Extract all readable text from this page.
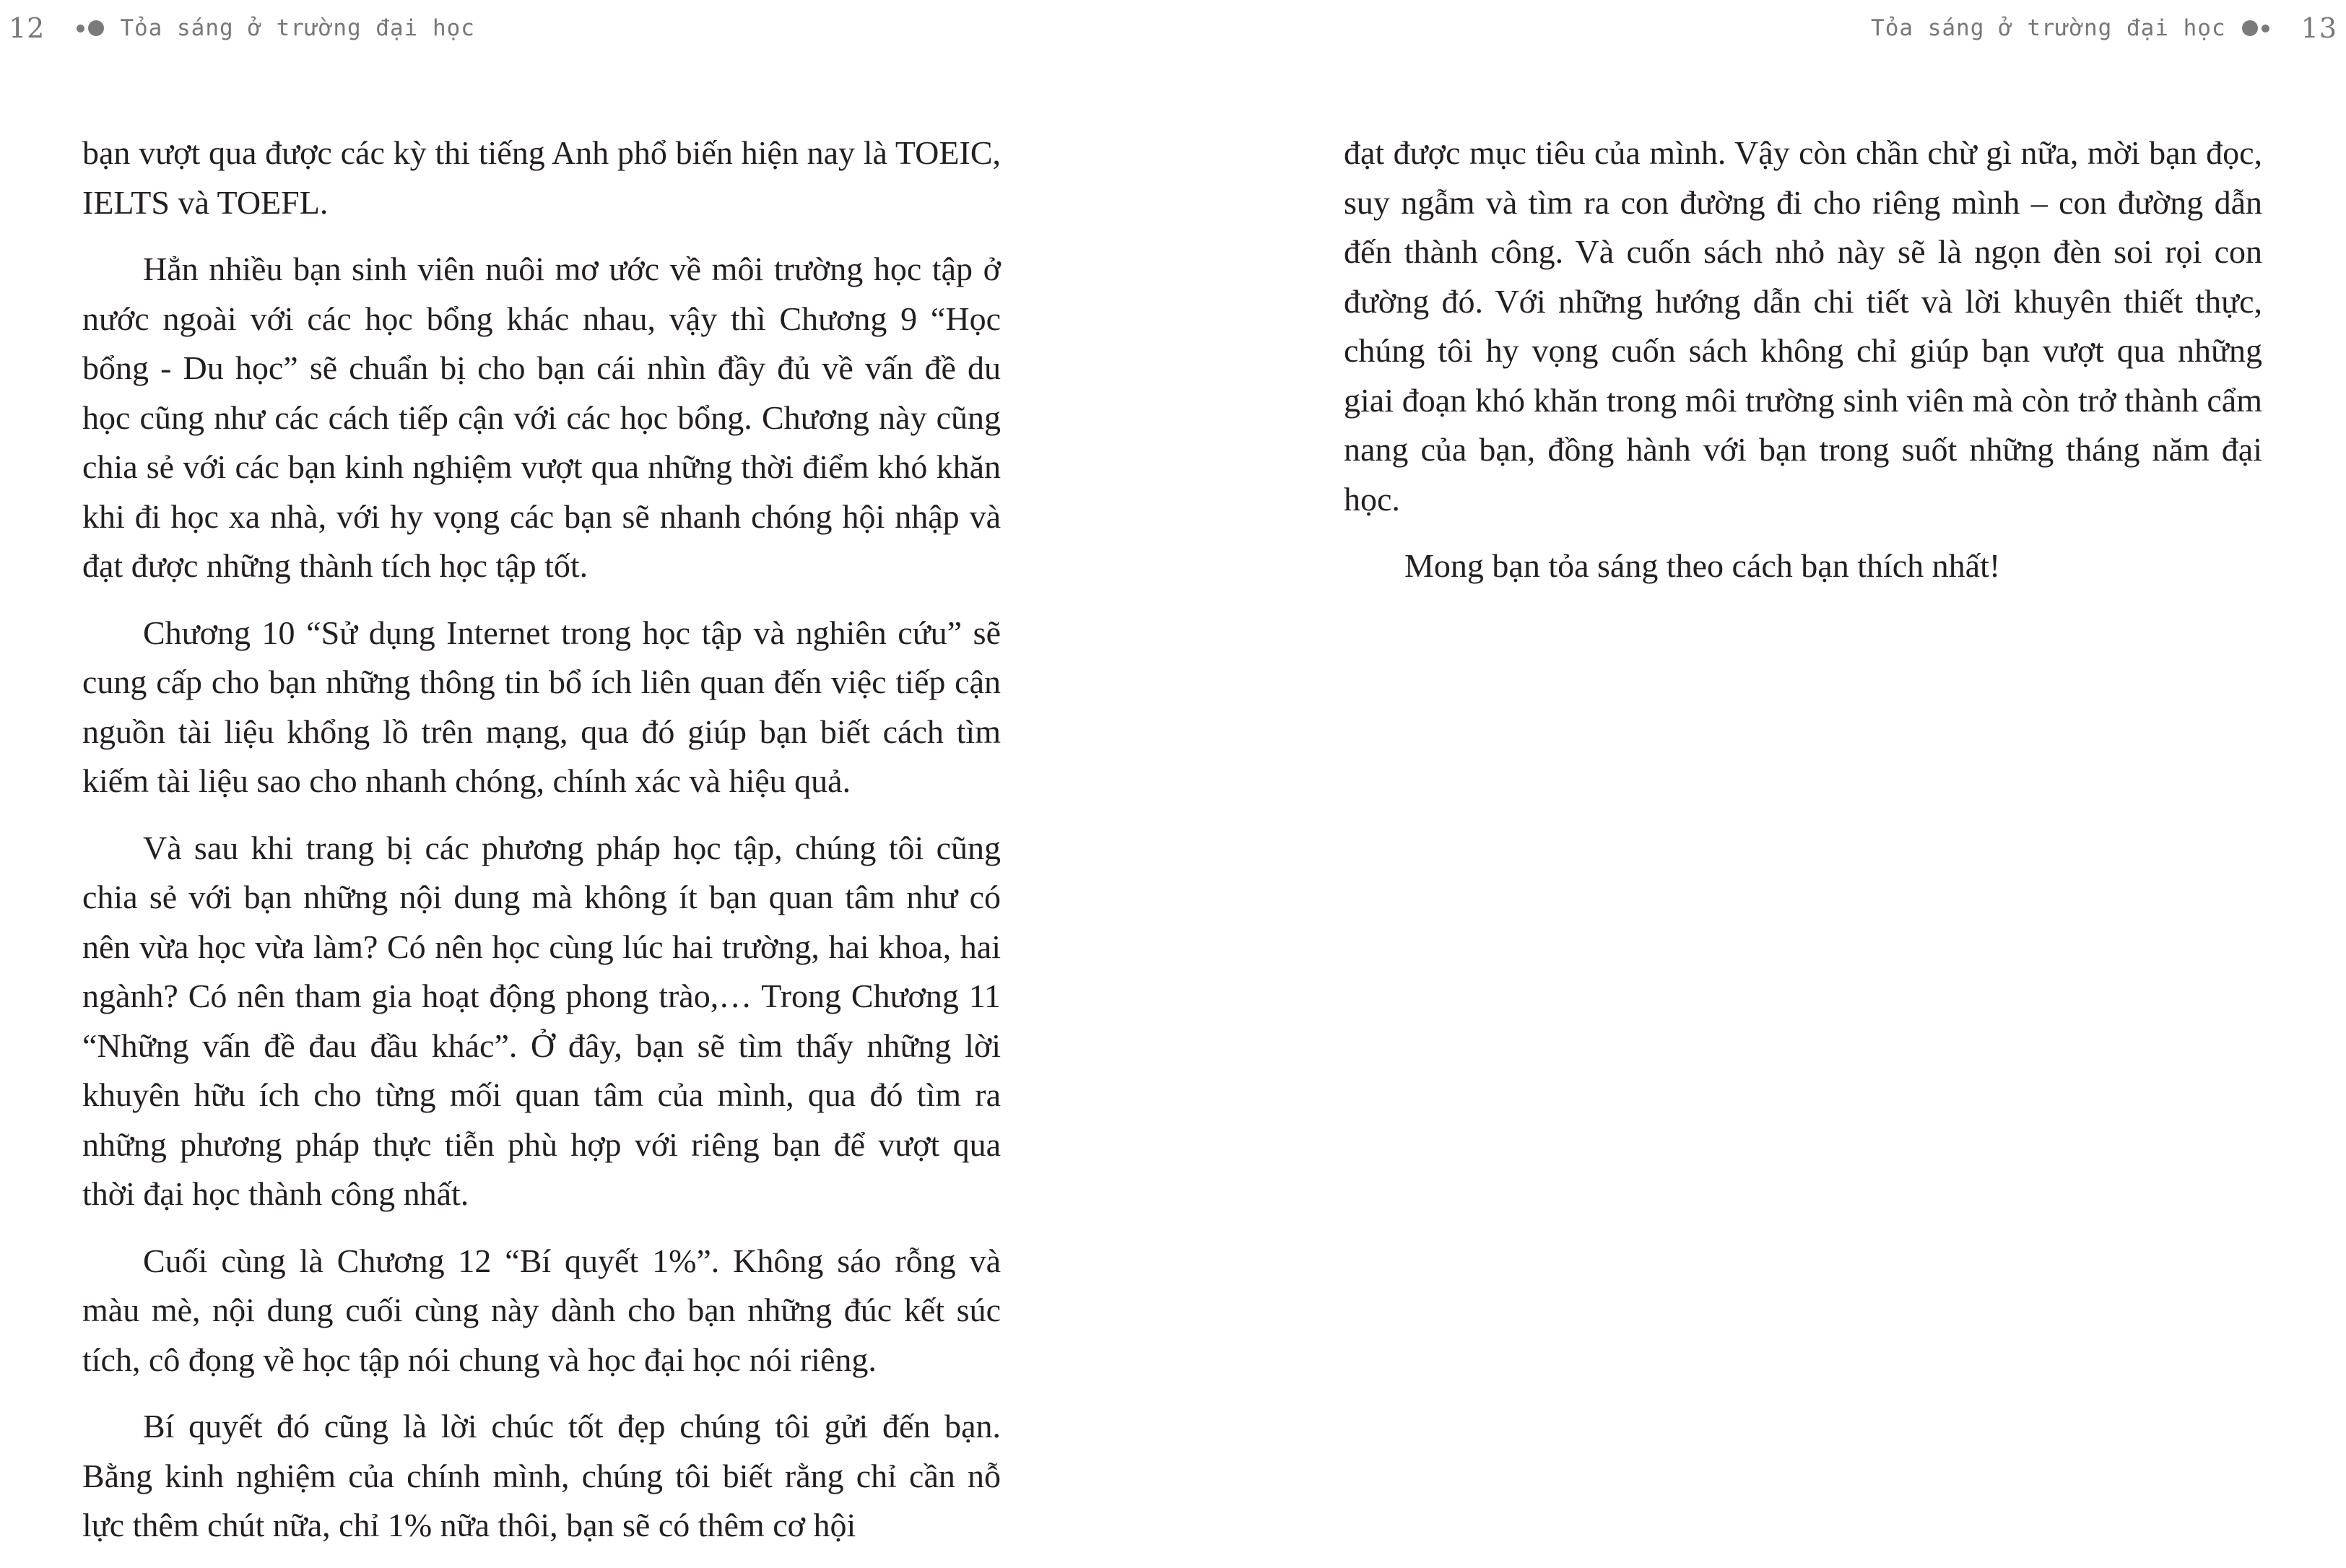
12	Tỏa sáng ở trường đại học

bạn vượt qua được các kỳ thi tiếng Anh phổ biến hiện nay là TOEIC, IELTS và TOEFL.

Hẳn nhiều bạn sinh viên nuôi mơ ước về môi trường học tập ở nước ngoài với các học bổng khác nhau, vậy thì Chương 9 “Học bổng - Du học” sẽ chuẩn bị cho bạn cái nhìn đầy đủ về vấn đề du học cũng như các cách tiếp cận với các học bổng. Chương này cũng chia sẻ với các bạn kinh nghiệm vượt qua những thời điểm khó khăn khi đi học xa nhà, với hy vọng các bạn sẽ nhanh chóng hội nhập và đạt được những thành tích học tập tốt.

Chương 10 “Sử dụng Internet trong học tập và nghiên cứu” sẽ cung cấp cho bạn những thông tin bổ ích liên quan đến việc tiếp cận nguồn tài liệu khổng lồ trên mạng, qua đó giúp bạn biết cách tìm kiếm tài liệu sao cho nhanh chóng, chính xác và hiệu quả.

Và sau khi trang bị các phương pháp học tập, chúng tôi cũng chia sẻ với bạn những nội dung mà không ít bạn quan tâm như có nên vừa học vừa làm? Có nên học cùng lúc hai trường, hai khoa, hai ngành? Có nên tham gia hoạt động phong trào,… Trong Chương 11 “Những vấn đề đau đầu khác”. Ở đây, bạn sẽ tìm thấy những lời khuyên hữu ích cho từng mối quan tâm của mình, qua đó tìm ra những phương pháp thực tiễn phù hợp với riêng bạn để vượt qua thời đại học thành công nhất.

Cuối cùng là Chương 12 “Bí quyết 1%”. Không sáo rỗng và màu mè, nội dung cuối cùng này dành cho bạn những đúc kết súc tích, cô đọng về học tập nói chung và học đại học nói riêng.

Bí quyết đó cũng là lời chúc tốt đẹp chúng tôi gửi đến bạn. Bằng kinh nghiệm của chính mình, chúng tôi biết rằng chỉ cần nỗ lực thêm chút nữa, chỉ 1% nữa thôi, bạn sẽ có thêm cơ hội

Tỏa sáng ở trường đại học	13

đạt được mục tiêu của mình. Vậy còn chần chừ gì nữa, mời bạn đọc, suy ngẫm và tìm ra con đường đi cho riêng mình – con đường dẫn đến thành công. Và cuốn sách nhỏ này sẽ là ngọn đèn soi rọi con đường đó. Với những hướng dẫn chi tiết và lời khuyên thiết thực, chúng tôi hy vọng cuốn sách không chỉ giúp bạn vượt qua những giai đoạn khó khăn trong môi trường sinh viên mà còn trở thành cẩm nang của bạn, đồng hành với bạn trong suốt những tháng năm đại học.

Mong bạn tỏa sáng theo cách bạn thích nhất!
